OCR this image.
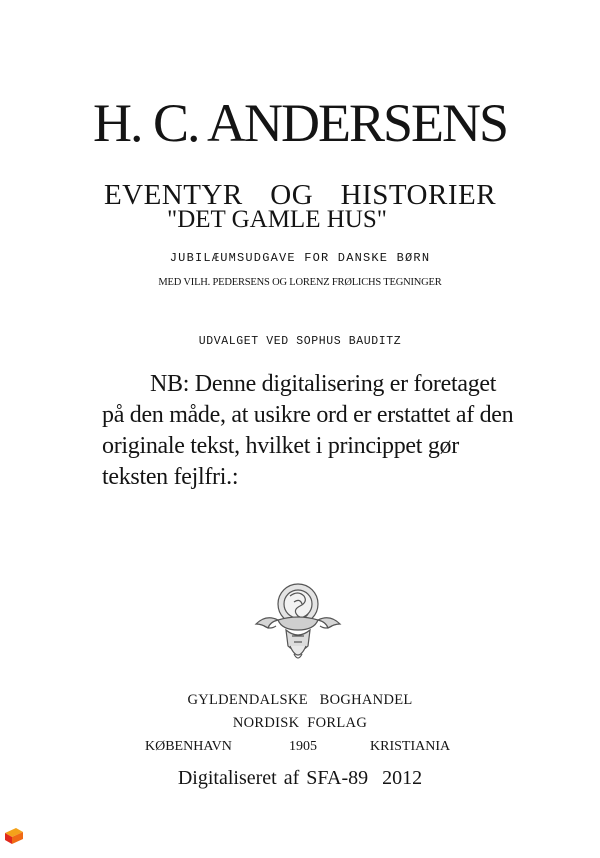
H. C. ANDERSENS
EVENTYR  OG  HISTORIER
"DET GAMLE HUS"
JUBILÆUMSUDGAVE FOR DANSKE BØRN
MED VILH. PEDERSENS OG LORENZ FRØLICHS TEGNINGER
UDVALGET VED SOPHUS BAUDITZ
NB: Denne digitalisering er foretaget på den måde, at usikre ord er erstattet af den originale tekst, hvilket i princippet gør teksten fejlfri.:
GYLDENDALSKE   BOGHANDEL
NORDISK  FORLAG
KØBENHAVN	1905	KRISTIANIA
Digitaliseret af SFA-89  2012
